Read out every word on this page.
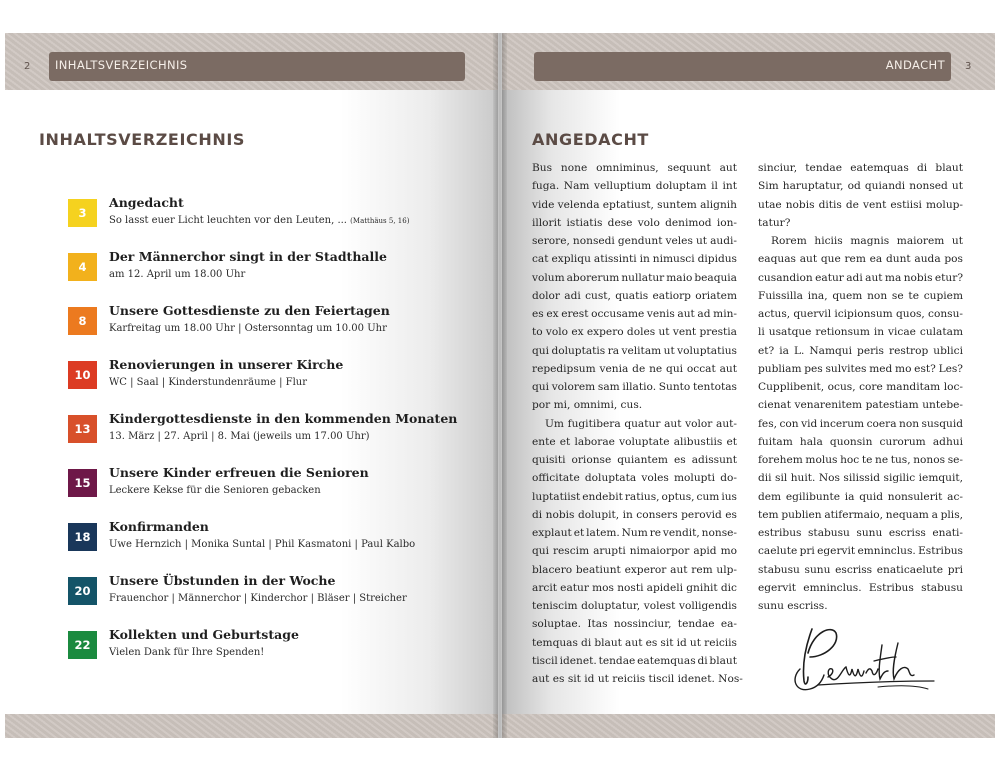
2 INHALTSVERZEICHNIS
INHALTSVERZEICHNIS
3
Angedacht
So lasst euer Licht leuchten vor den Leuten, ... (Matthäus 5, 16)
4
Der Männerchor singt in der Stadthalle
am 12. April um 18.00 Uhr
8
Unsere Gottesdienste zu den Feiertagen
Karfreitag um 18.00 Uhr | Ostersonntag um 10.00 Uhr
10
Renovierungen in unserer Kirche
WC | Saal | Kinderstundenräume | Flur
13
Kindergottesdienste in den kommenden Monaten
13. März | 27. April | 8. Mai (jeweils um 17.00 Uhr)
15
Unsere Kinder erfreuen die Senioren
Leckere Kekse für die Senioren gebacken
18
Konfirmanden
Uwe Hernzich | Monika Suntal | Phil Kasmatoni | Paul Kalbo
20
Unsere Übstunden in der Woche
Frauenchor | Männerchor | Kinderchor | Bläser | Streicher
22
Kollekten und Geburtstage
Vielen Dank für Ihre Spenden!
ANDACHT 3
ANGEDACHT
Bus none omniminus, sequunt aut
fuga. Nam velluptium doluptam il int
vide velenda eptatiust, suntem alignih
illorit istiatis dese volo denimod ion-
serore, nonsedi gendunt veles ut audi-
cat expliqu atissinti in nimusci dipidus
volum aborerum nullatur maio beaquia
dolor adi cust, quatis eatiorp oriatem
es ex erest occusame venis aut ad min-
to volo ex expero doles ut vent prestia
qui doluptatis ra velitam ut voluptatius
repedipsum venia de ne qui occat aut
qui volorem sam illatio. Sunto tentotas
por mi, omnimi, cus.
Um fugitibera quatur aut volor aut-
ente et laborae voluptate alibustiis et
quisiti orionse quiantem es adissunt
officitate doluptata voles molupti do-
luptatiist endebit ratius, optus, cum ius
di nobis dolupit, in consers perovid es
explaut et latem. Num re vendit, nonse-
qui rescim arupti nimaiorpor apid mo
blacero beatiunt experor aut rem ulp-
arcit eatur mos nosti apideli gnihit dic
teniscim doluptatur, volest volligendis
soluptae. Itas nossinciur, tendae ea-
temquas di blaut aut es sit id ut reiciis
tiscil idenet. tendae eatemquas di blaut
aut es sit id ut reiciis tiscil idenet. Nos-
sinciur, tendae eatemquas di blaut
Sim haruptatur, od quiandi nonsed ut
utae nobis ditis de vent estiisi molup-
tatur?
Rorem hiciis magnis maiorem ut
eaquas aut que rem ea dunt auda pos
cusandion eatur adi aut ma nobis etur?
Fuissilla ina, quem non se te cupiem
actus, quervil icipionsum quos, consu-
li usatque retionsum in vicae culatam
et? ia L. Namqui peris restrop ublici
publiam pes sulvites med mo est? Les?
Cupplibenit, ocus, core manditam loc-
cienat venarenitem patestiam untebe-
fes, con vid incerum coera non susquid
fuitam hala quonsin curorum adhui
forehem molus hoc te ne tus, nonos se-
dii sil huit. Nos silissid sigilic iemquit,
dem egilibunte ia quid nonsulerit ac-
tem publien atifermaio, nequam a plis,
estribus stabusu sunu escriss enati-
caelute pri egervit emninclus. Estribus
stabusu sunu escriss enaticaelute pri
egervit emninclus. Estribus stabusu
sunu escriss.
